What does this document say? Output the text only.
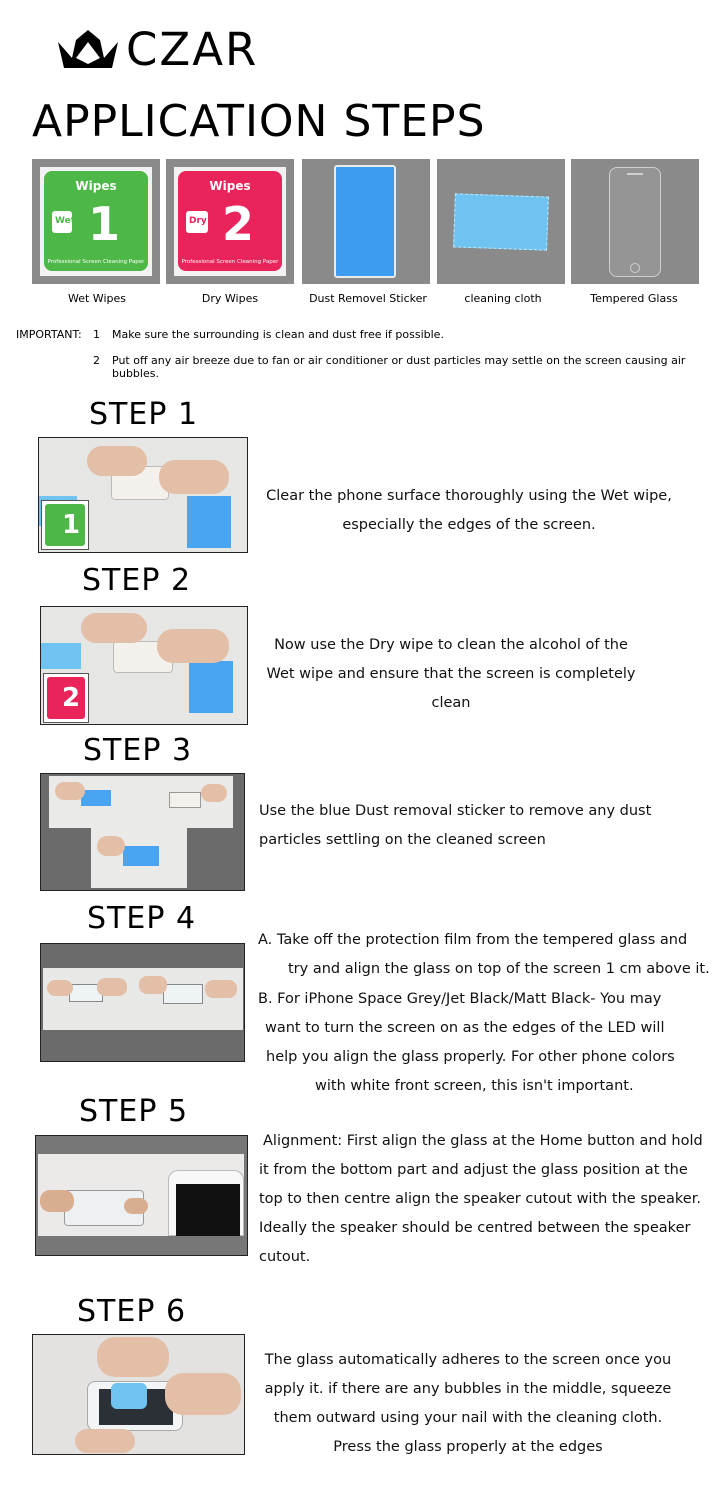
CZAR
APPLICATION STEPS
Wipes
Wet 1
Professional Screen Cleaning Paper
Wipes
Dry 2
Professional Screen Cleaning Paper
Wet Wipes	Dry Wipes	Dust Removel Sticker	cleaning cloth	Tempered Glass
IMPORTANT: 1 Make sure the surrounding is clean and dust free if possible.
2 Put off any air breeze due to fan or air conditioner or dust particles may settle on the screen causing air bubbles.
STEP 1
1

Clear the phone surface thoroughly using the Wet wipe,

especially the edges of the screen.

STEP 2
2

Now use the Dry wipe to clean the alcohol of the

Wet wipe and ensure that the screen is completely

clean

STEP 3

Use the blue Dust removal sticker to remove any dust

particles settling on the cleaned screen

STEP 4

A. Take off the protection film from the tempered glass and

try and align the glass on top of the screen 1 cm above it.

B. For iPhone Space Grey/Jet Black/Matt Black- You may

want to turn the screen on as the edges of the LED will

help you align the glass properly. For other phone colors

with white front screen, this isn't important.

STEP 5

Alignment: First align the glass at the Home button and hold

it from the bottom part and adjust the glass position at the

top to then centre align the speaker cutout with the speaker.

Ideally the speaker should be centred between the speaker

cutout.

STEP 6

The glass automatically adheres to the screen once you

apply it. if there are any bubbles in the middle, squeeze

them outward using your nail with the cleaning cloth.

Press the glass properly at the edges
